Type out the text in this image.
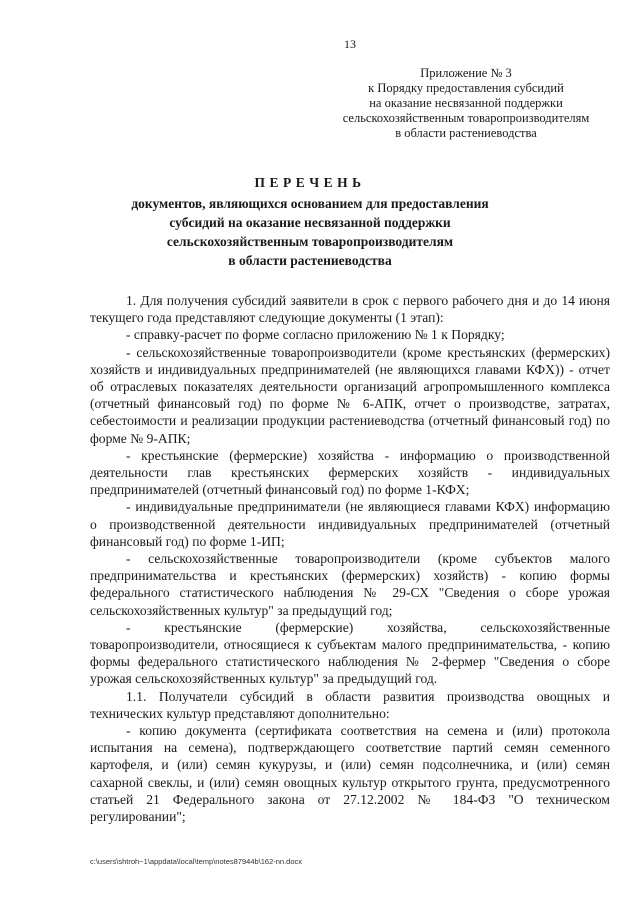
13
Приложение № 3
к Порядку предоставления субсидий
на оказание несвязанной поддержки
сельскохозяйственным товаропроизводителям
в области растениеводства
ПЕРЕЧЕНЬ
документов, являющихся основанием для предоставления
субсидий на оказание несвязанной поддержки
сельскохозяйственным товаропроизводителям
в области растениеводства

1. Для получения субсидий заявители в срок с первого рабочего дня и до 14 июня текущего года представляют следующие документы (1 этап):

- справку-расчет по форме согласно приложению № 1 к Порядку;

- сельскохозяйственные товаропроизводители (кроме крестьянских (фермерских) хозяйств и индивидуальных предпринимателей (не являющихся главами КФХ)) - отчет об отраслевых показателях деятельности организаций агропромышленного комплекса (отчетный финансовый год) по форме № 6-АПК, отчет о производстве, затратах, себестоимости и реализации продукции растениеводства (отчетный финансовый год) по форме № 9-АПК;

- крестьянские (фермерские) хозяйства - информацию о производственной деятельности глав крестьянских фермерских хозяйств - индивидуальных предпринимателей (отчетный финансовый год) по форме 1-КФХ;

- индивидуальные предприниматели (не являющиеся главами КФХ) информацию о производственной деятельности индивидуальных предпринимателей (отчетный финансовый год) по форме 1-ИП;

- сельскохозяйственные товаропроизводители (кроме субъектов малого предпринимательства и крестьянских (фермерских) хозяйств) - копию формы федерального статистического наблюдения № 29-СХ "Сведения о сборе урожая сельскохозяйственных культур" за предыдущий год;

- крестьянские (фермерские) хозяйства, сельскохозяйственные товаропроизводители, относящиеся к субъектам малого предпринимательства, - копию формы федерального статистического наблюдения № 2-фермер "Сведения о сборе урожая сельскохозяйственных культур" за предыдущий год.

1.1. Получатели субсидий в области развития производства овощных и технических культур представляют дополнительно:

- копию документа (сертификата соответствия на семена и (или) протокола испытания на семена), подтверждающего соответствие партий семян семенного картофеля, и (или) семян кукурузы, и (или) семян подсолнечника, и (или) семян сахарной свеклы, и (или) семян овощных культур открытого грунта, предусмотренного статьей 21 Федерального закона от 27.12.2002 № 184-ФЗ "О техническом регулировании";

c:\users\shtroh~1\appdata\local\temp\notes87944b\162-nn.docx
